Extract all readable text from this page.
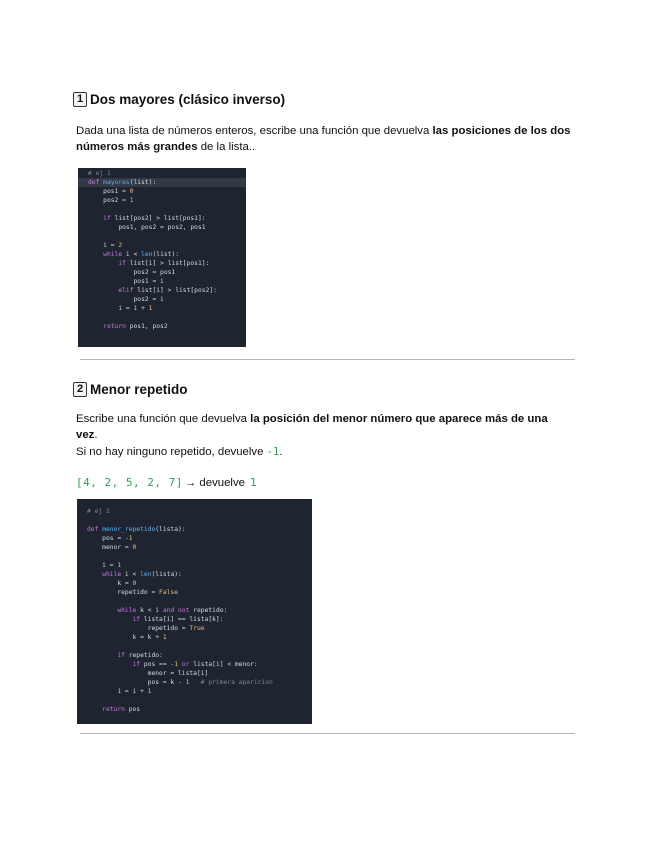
1 Dos mayores (clásico inverso)
Dada una lista de números enteros, escribe una función que devuelva las posiciones de los dos números más grandes de la lista..
# ej 1
def mayores(list):
pos1 = 0
pos2 = 1

if list[pos2] > list[pos1]:
pos1, pos2 = pos2, pos1

i = 2
while i < len(list):
if list[i] > list[pos1]:
pos2 = pos1
pos1 = i
elif list[i] > list[pos2]:
pos2 = i
i = i + 1

return pos1, pos2
2 Menor repetido
Escribe una función que devuelva la posición del menor número que aparece más de una vez.
Si no hay ninguno repetido, devuelve -1.
[4, 2, 5, 2, 7] → devuelve 1
# ej 2

def menor_repetido(lista):
pos = -1
menor = 0

i = 1
while i < len(lista):
k = 0
repetido = False

while k < i and not repetido:
if lista[i] == lista[k]:
repetido = True
k = k + 1

if repetido:
if pos == -1 or lista[i] < menor:
menor = lista[i]
pos = k - 1 # primera aparicion
i = i + 1

return pos
